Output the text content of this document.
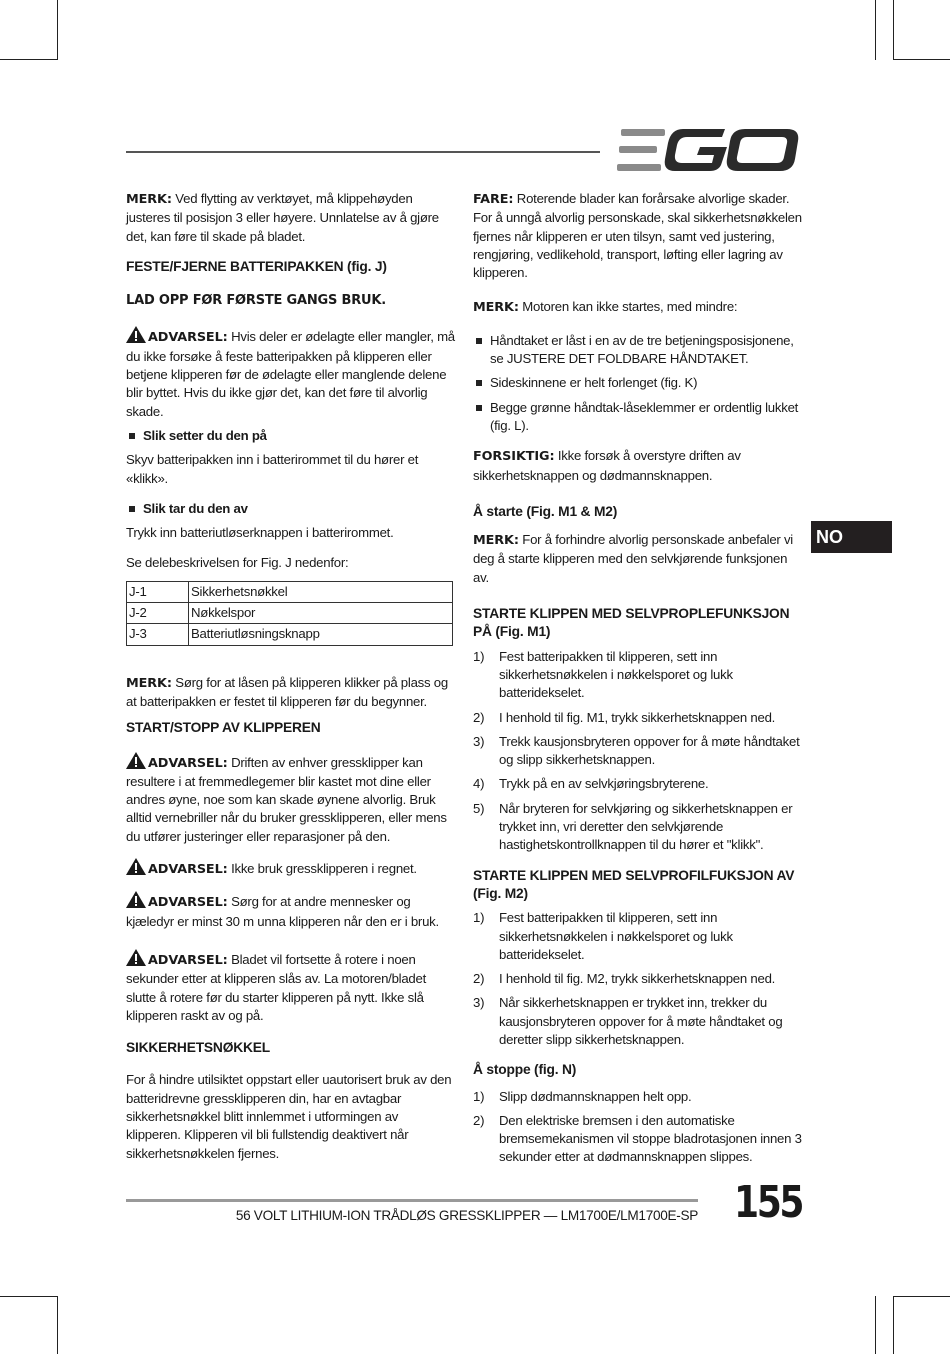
MERK: Ved flytting av verktøyet, må klippehøyden justeres til posisjon 3 eller høyere. Unnlatelse av å gjøre det, kan føre til skade på bladet.
FESTE/FJERNE BATTERIPAKKEN (fig. J)
LAD OPP FØR FØRSTE GANGS BRUK.
ADVARSEL: Hvis deler er ødelagte eller mangler, må du ikke forsøke å feste batteripakken på klipperen eller betjene klipperen før de ødelagte eller manglende delene blir byttet. Hvis du ikke gjør det, kan det føre til alvorlig skade.
Slik setter du den på
Skyv batteripakken inn i batterirommet til du hører et «klikk».
Slik tar du den av
Trykk inn batteriutløserknappen i batterirommet.
Se delebeskrivelsen for Fig. J nedenfor:
J-1	Sikkerhetsnøkkel
J-2	Nøkkelspor
J-3	Batteriutløsningsknapp
MERK: Sørg for at låsen på klipperen klikker på plass og at batteripakken er festet til klipperen før du begynner.
START/STOPP AV KLIPPEREN
ADVARSEL: Driften av enhver gressklipper kan resultere i at fremmedlegemer blir kastet mot dine eller andres øyne, noe som kan skade øynene alvorlig. Bruk alltid vernebriller når du bruker gressklipperen, eller mens du utfører justeringer eller reparasjoner på den.
ADVARSEL: Ikke bruk gressklipperen i regnet.
ADVARSEL: Sørg for at andre mennesker og kjæledyr er minst 30 m unna klipperen når den er i bruk.
ADVARSEL: Bladet vil fortsette å rotere i noen sekunder etter at klipperen slås av. La motoren/bladet slutte å rotere før du starter klipperen på nytt. Ikke slå klipperen raskt av og på.
SIKKERHETSNØKKEL
For å hindre utilsiktet oppstart eller uautorisert bruk av den batteridrevne gressklipperen din, har en avtagbar sikkerhetsnøkkel blitt innlemmet i utformingen av klipperen. Klipperen vil bli fullstendig deaktivert når sikkerhetsnøkkelen fjernes.
FARE: Roterende blader kan forårsake alvorlige skader. For å unngå alvorlig personskade, skal sikkerhetsnøkkelen fjernes når klipperen er uten tilsyn, samt ved justering, rengjøring, vedlikehold, transport, løfting eller lagring av klipperen.
MERK: Motoren kan ikke startes, med mindre:
Håndtaket er låst i en av de tre betjeningsposisjonene, se JUSTERE DET FOLDBARE HÅNDTAKET.
Sideskinnene er helt forlenget (fig. K)
Begge grønne håndtak-låseklemmer er ordentlig lukket (fig. L).
FORSIKTIG: Ikke forsøk å overstyre driften av sikkerhetsknappen og dødmannsknappen.
Å starte (Fig. M1 & M2)
MERK: For å forhindre alvorlig personskade anbefaler vi deg å starte klipperen med den selvkjørende funksjonen av.
STARTE KLIPPEN MED SELVPROPLEFUNKSJON PÅ (Fig. M1)
1) Fest batteripakken til klipperen, sett inn sikkerhetsnøkkelen i nøkkelsporet og lukk batteridekselet.
2) I henhold til fig. M1, trykk sikkerhetsknappen ned.
3) Trekk kausjonsbryteren oppover for å møte håndtaket og slipp sikkerhetsknappen.
4) Trykk på en av selvkjøringsbryterene.
5) Når bryteren for selvkjøring og sikkerhetsknappen er trykket inn, vri deretter den selvkjørende hastighetskontrollknappen til du hører et "klikk".
STARTE KLIPPEN MED SELVPROFILFUKSJON AV (Fig. M2)
1) Fest batteripakken til klipperen, sett inn sikkerhetsnøkkelen i nøkkelsporet og lukk batteridekselet.
2) I henhold til fig. M2, trykk sikkerhetsknappen ned.
3) Når sikkerhetsknappen er trykket inn, trekker du kausjonsbryteren oppover for å møte håndtaket og deretter slipp sikkerhetsknappen.
Å stoppe (fig. N)
1) Slipp dødmannsknappen helt opp.
2) Den elektriske bremsen i den automatiske bremsemekanismen vil stoppe bladrotasjonen innen 3 sekunder etter at dødmannsknappen slippes.
NO
56 VOLT LITHIUM-ION TRÅDLØS GRESSKLIPPER — LM1700E/LM1700E-SP 155
